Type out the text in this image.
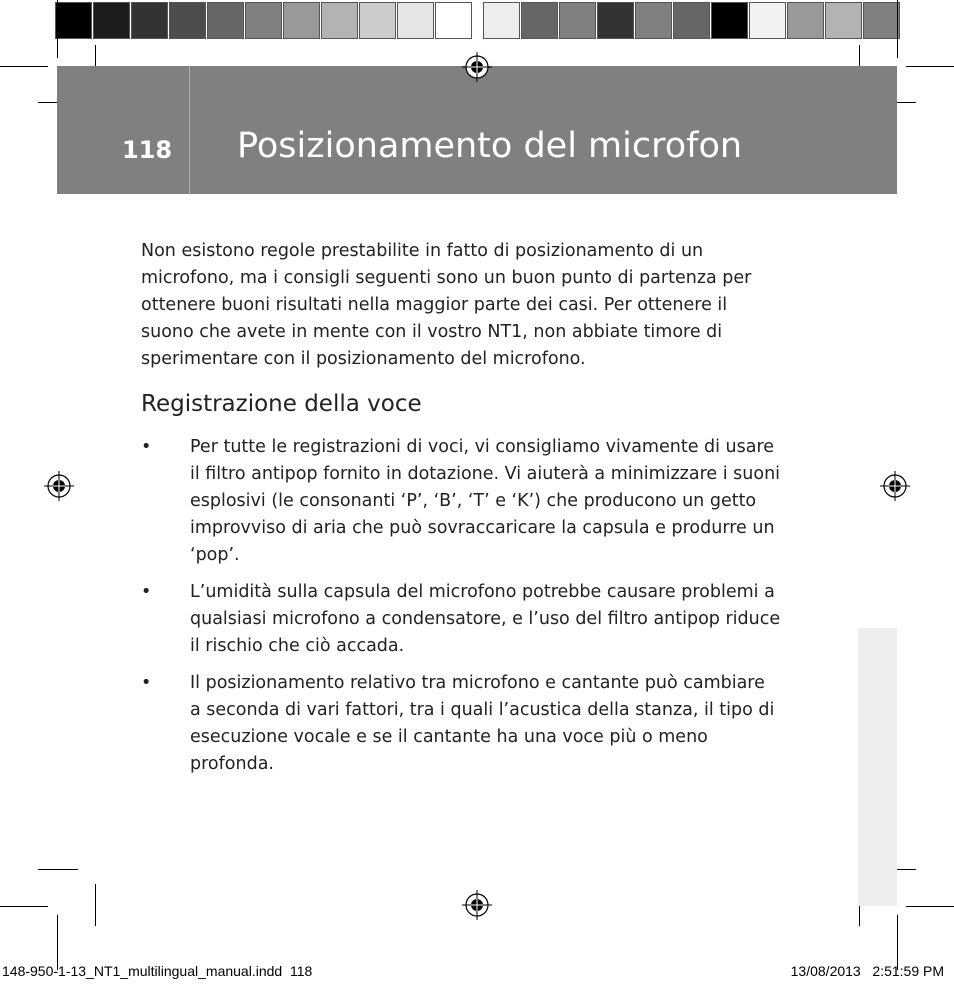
118 Posizionamento del microfon

Non esistono regole prestabilite in fatto di posizionamento di un microfono, ma i consigli seguenti sono un buon punto di partenza per ottenere buoni risultati nella maggior parte dei casi. Per ottenere il suono che avete in mente con il vostro NT1, non abbiate timore di sperimentare con il posizionamento del microfono.

Registrazione della voce
• Per tutte le registrazioni di voci, vi consigliamo vivamente di usare il filtro antipop fornito in dotazione. Vi aiuterà a minimizzare i suoni esplosivi (le consonanti ‘P’, ‘B’, ‘T’ e ‘K’) che producono un getto improvviso di aria che può sovraccaricare la capsula e produrre un ‘pop’.
• L’umidità sulla capsula del microfono potrebbe causare problemi a qualsiasi microfono a condensatore, e l’uso del filtro antipop riduce il rischio che ciò accada.
• Il posizionamento relativo tra microfono e cantante può cambiare a seconda di vari fattori, tra i quali l’acustica della stanza, il tipo di esecuzione vocale e se il cantante ha una voce più o meno profonda.
148-950-1-13_NT1_multilingual_manual.indd 118	13/08/2013 2:51:59 PM
